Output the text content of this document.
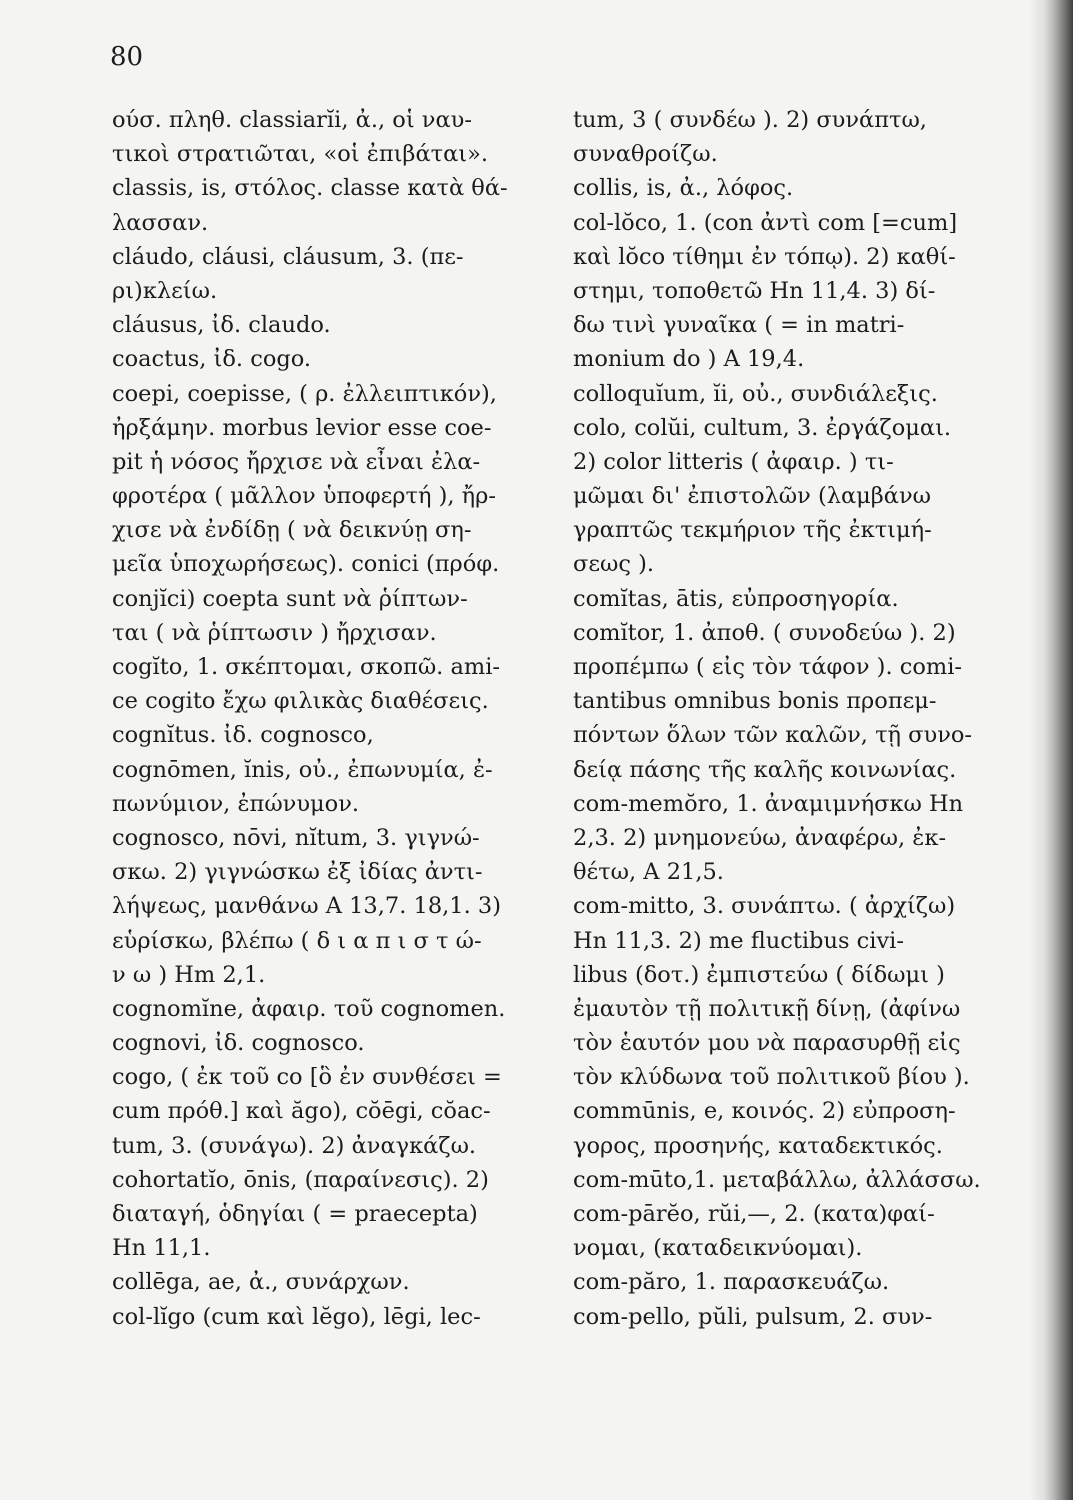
80
ούσ. πληθ. classiarĭi, ἀ., οἱ ναυ-
τικοὶ στρατιῶται, «οἱ ἐπιβάται».
classis, is, στόλος. classe κατὰ θά-
λασσαν.
cláudo, cláusi, cláusum, 3. (πε-
ρι)κλείω.
cláusus, ἰδ. claudo.
coactus, ἰδ. cogo.
coepi, coepisse, ( ρ. ἐλλειπτικόν),
ἠρξάμην. morbus levior esse coe-
pit ἡ νόσος ἤρχισε νὰ εἶναι ἐλα-
φροτέρα ( μᾶλλον ὑποφερτή ), ἤρ-
χισε νὰ ἐνδίδῃ ( νὰ δεικνύῃ ση-
μεῖα ὑποχωρήσεως). conici (πρόφ.
conjĭci) coepta sunt νὰ ῥίπτων-
ται ( νὰ ῥίπτωσιν ) ἤρχισαν.
cogĭto, 1. σκέπτομαι, σκοπῶ. ami-
ce cogito ἔχω φιλικὰς διαθέσεις.
cognĭtus. ἰδ. cognosco,
cognōmen, ĭnis, οὐ., ἐπωνυμία, ἐ-
πωνύμιον, ἐπώνυμον.
cognosco, nōvi, nĭtum, 3. γιγνώ-
σκω. 2) γιγνώσκω ἐξ ἰδίας ἀντι-
λήψεως, μανθάνω A 13,7. 18,1. 3)
εὑρίσκω, βλέπω ( δ ι α π ι σ τ ώ-
ν ω ) Hm 2,1.
cognomĭne, ἀφαιρ. τοῦ cognomen.
cognovi, ἰδ. cognosco.
cogo, ( ἐκ τοῦ co [ὃ ἐν συνθέσει =
cum πρόθ.] καὶ ăgo), cŏēgi, cŏac-
tum, 3. (συνάγω). 2) ἀναγκάζω.
cohortatĭo, ōnis, (παραίνεσις). 2)
διαταγή, ὁδηγίαι ( = praecepta)
Hn 11,1.
collēga, ae, ἀ., συνάρχων.
col-lĭgo (cum καὶ lĕgo), lēgi, lec-
tum, 3 ( συνδέω ). 2) συνάπτω,
συναθροίζω.
collis, is, ἀ., λόφος.
col-lŏco, 1. (con ἀντὶ com [=cum]
καὶ lŏco τίθημι ἐν τόπῳ). 2) καθί-
στημι, τοποθετῶ Hn 11,4. 3) δί-
δω τινὶ γυναῖκα ( = in matri-
monium do ) A 19,4.
colloquĭum, ĭi, οὐ., συνδιάλεξις.
colo, colŭi, cultum, 3. ἐργάζομαι.
2) color litteris ( ἀφαιρ. ) τι-
μῶμαι δι' ἐπιστολῶν (λαμβάνω
γραπτῶς τεκμήριον τῆς ἐκτιμή-
σεως ).
comĭtas, ātis, εὐπροσηγορία.
comĭtor, 1. ἀποθ. ( συνοδεύω ). 2)
προπέμπω ( εἰς τὸν τάφον ). comi-
tantibus omnibus bonis προπεμ-
πόντων ὅλων τῶν καλῶν, τῇ συνο-
δείᾳ πάσης τῆς καλῆς κοινωνίας.
com-memŏro, 1. ἀναμιμνήσκω Hn
2,3. 2) μνημονεύω, ἀναφέρω, ἐκ-
θέτω, A 21,5.
com-mitto, 3. συνάπτω. ( ἀρχίζω)
Hn 11,3. 2) me fluctibus civi-
libus (δοτ.) ἐμπιστεύω ( δίδωμι )
ἐμαυτὸν τῇ πολιτικῇ δίνῃ, (ἀφίνω
τὸν ἑαυτόν μου νὰ παρασυρθῇ εἰς
τὸν κλύδωνα τοῦ πολιτικοῦ βίου ).
commūnis, e, κοινός. 2) εὐπροση-
γορος, προσηνής, καταδεκτικός.
com-mūto,1. μεταβάλλω, ἀλλάσσω.
com-pārĕo, rŭi,—, 2. (κατα)φαί-
νομαι, (καταδεικνύομαι).
com-păro, 1. παρασκευάζω.
com-pello, pŭli, pulsum, 2. συν-
